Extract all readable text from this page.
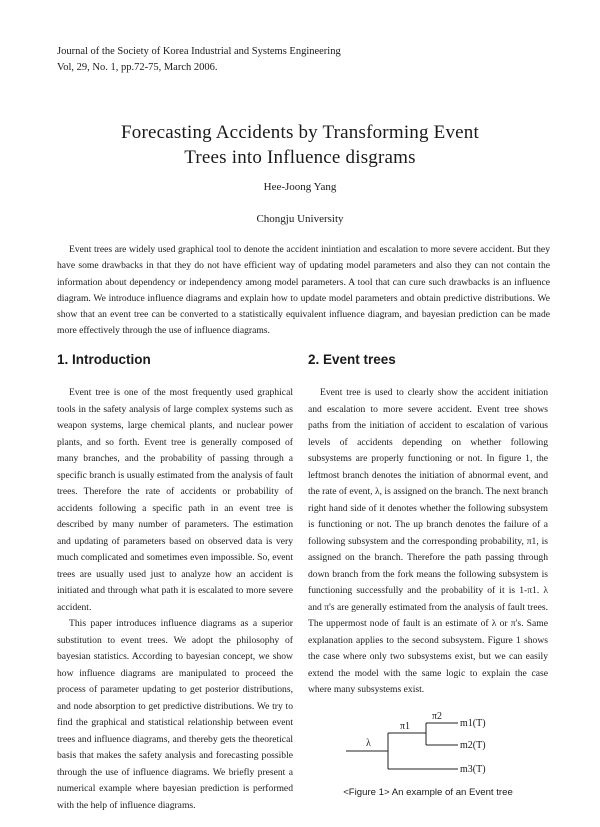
Journal of the Society of Korea Industrial and Systems Engineering
Vol, 29, No. 1, pp.72-75, March 2006.
Forecasting Accidents by Transforming Event
Trees into Influence disgrams
Hee-Joong Yang
Chongju University

Event trees are widely used graphical tool to denote the accident inintiation and escalation to more severe accident. But they have some drawbacks in that they do not have efficient way of updating model parameters and also they can not contain the information about dependency or independency among model parameters. A tool that can cure such drawbacks is an influence diagram. We introduce influence diagrams and explain how to update model parameters and obtain predictive distributions. We show that an event tree can be converted to a statistically equivalent influence diagram, and bayesian prediction can be made more effectively through the use of influence diagrams.

1. Introduction

Event tree is one of the most frequently used graphical tools in the safety analysis of large complex systems such as weapon systems, large chemical plants, and nuclear power plants, and so forth. Event tree is generally composed of many branches, and the probability of passing through a specific branch is usually estimated from the analysis of fault trees. Therefore the rate of accidents or probability of accidents following a specific path in an event tree is described by many number of parameters. The estimation and updating of parameters based on observed data is very much complicated and sometimes even impossible. So, event trees are usually used just to analyze how an accident is initiated and through what path it is escalated to more severe accident.

This paper introduces influence diagrams as a superior substitution to event trees. We adopt the philosophy of bayesian statistics. According to bayesian concept, we show how influence diagrams are manipulated to proceed the process of parameter updating to get posterior distributions, and node absorption to get predictive distributions. We try to find the graphical and statistical relationship between event trees and influence diagrams, and thereby gets the theoretical basis that makes the safety analysis and forecasting possible through the use of influence diagrams. We briefly present a numerical example where bayesian prediction is performed with the help of influence diagrams.

2. Event trees

Event tree is used to clearly show the accident initiation and escalation to more severe accident. Event tree shows paths from the initiation of accident to escalation of various levels of accidents depending on whether following subsystems are properly functioning or not. In figure 1, the leftmost branch denotes the initiation of abnormal event, and the rate of event, λ, is assigned on the branch. The next branch right hand side of it denotes whether the following subsystem is functioning or not. The up branch denotes the failure of a following subsystem and the corresponding probability, π1, is assigned on the branch. Therefore the path passing through down branch from the fork means the following subsystem is functioning successfully and the probability of it is 1-π1. λ and π's are generally estimated from the analysis of fault trees. The uppermost node of fault is an estimate of λ or π's. Same explanation applies to the second subsystem. Figure 1 shows the case where only two subsystems exist, but we can easily extend the model with the same logic to explain the case where many subsystems exist.

λ
π1
π2
m1(T)
m2(T)
m3(T)
<Figure 1> An example of an Event tree
